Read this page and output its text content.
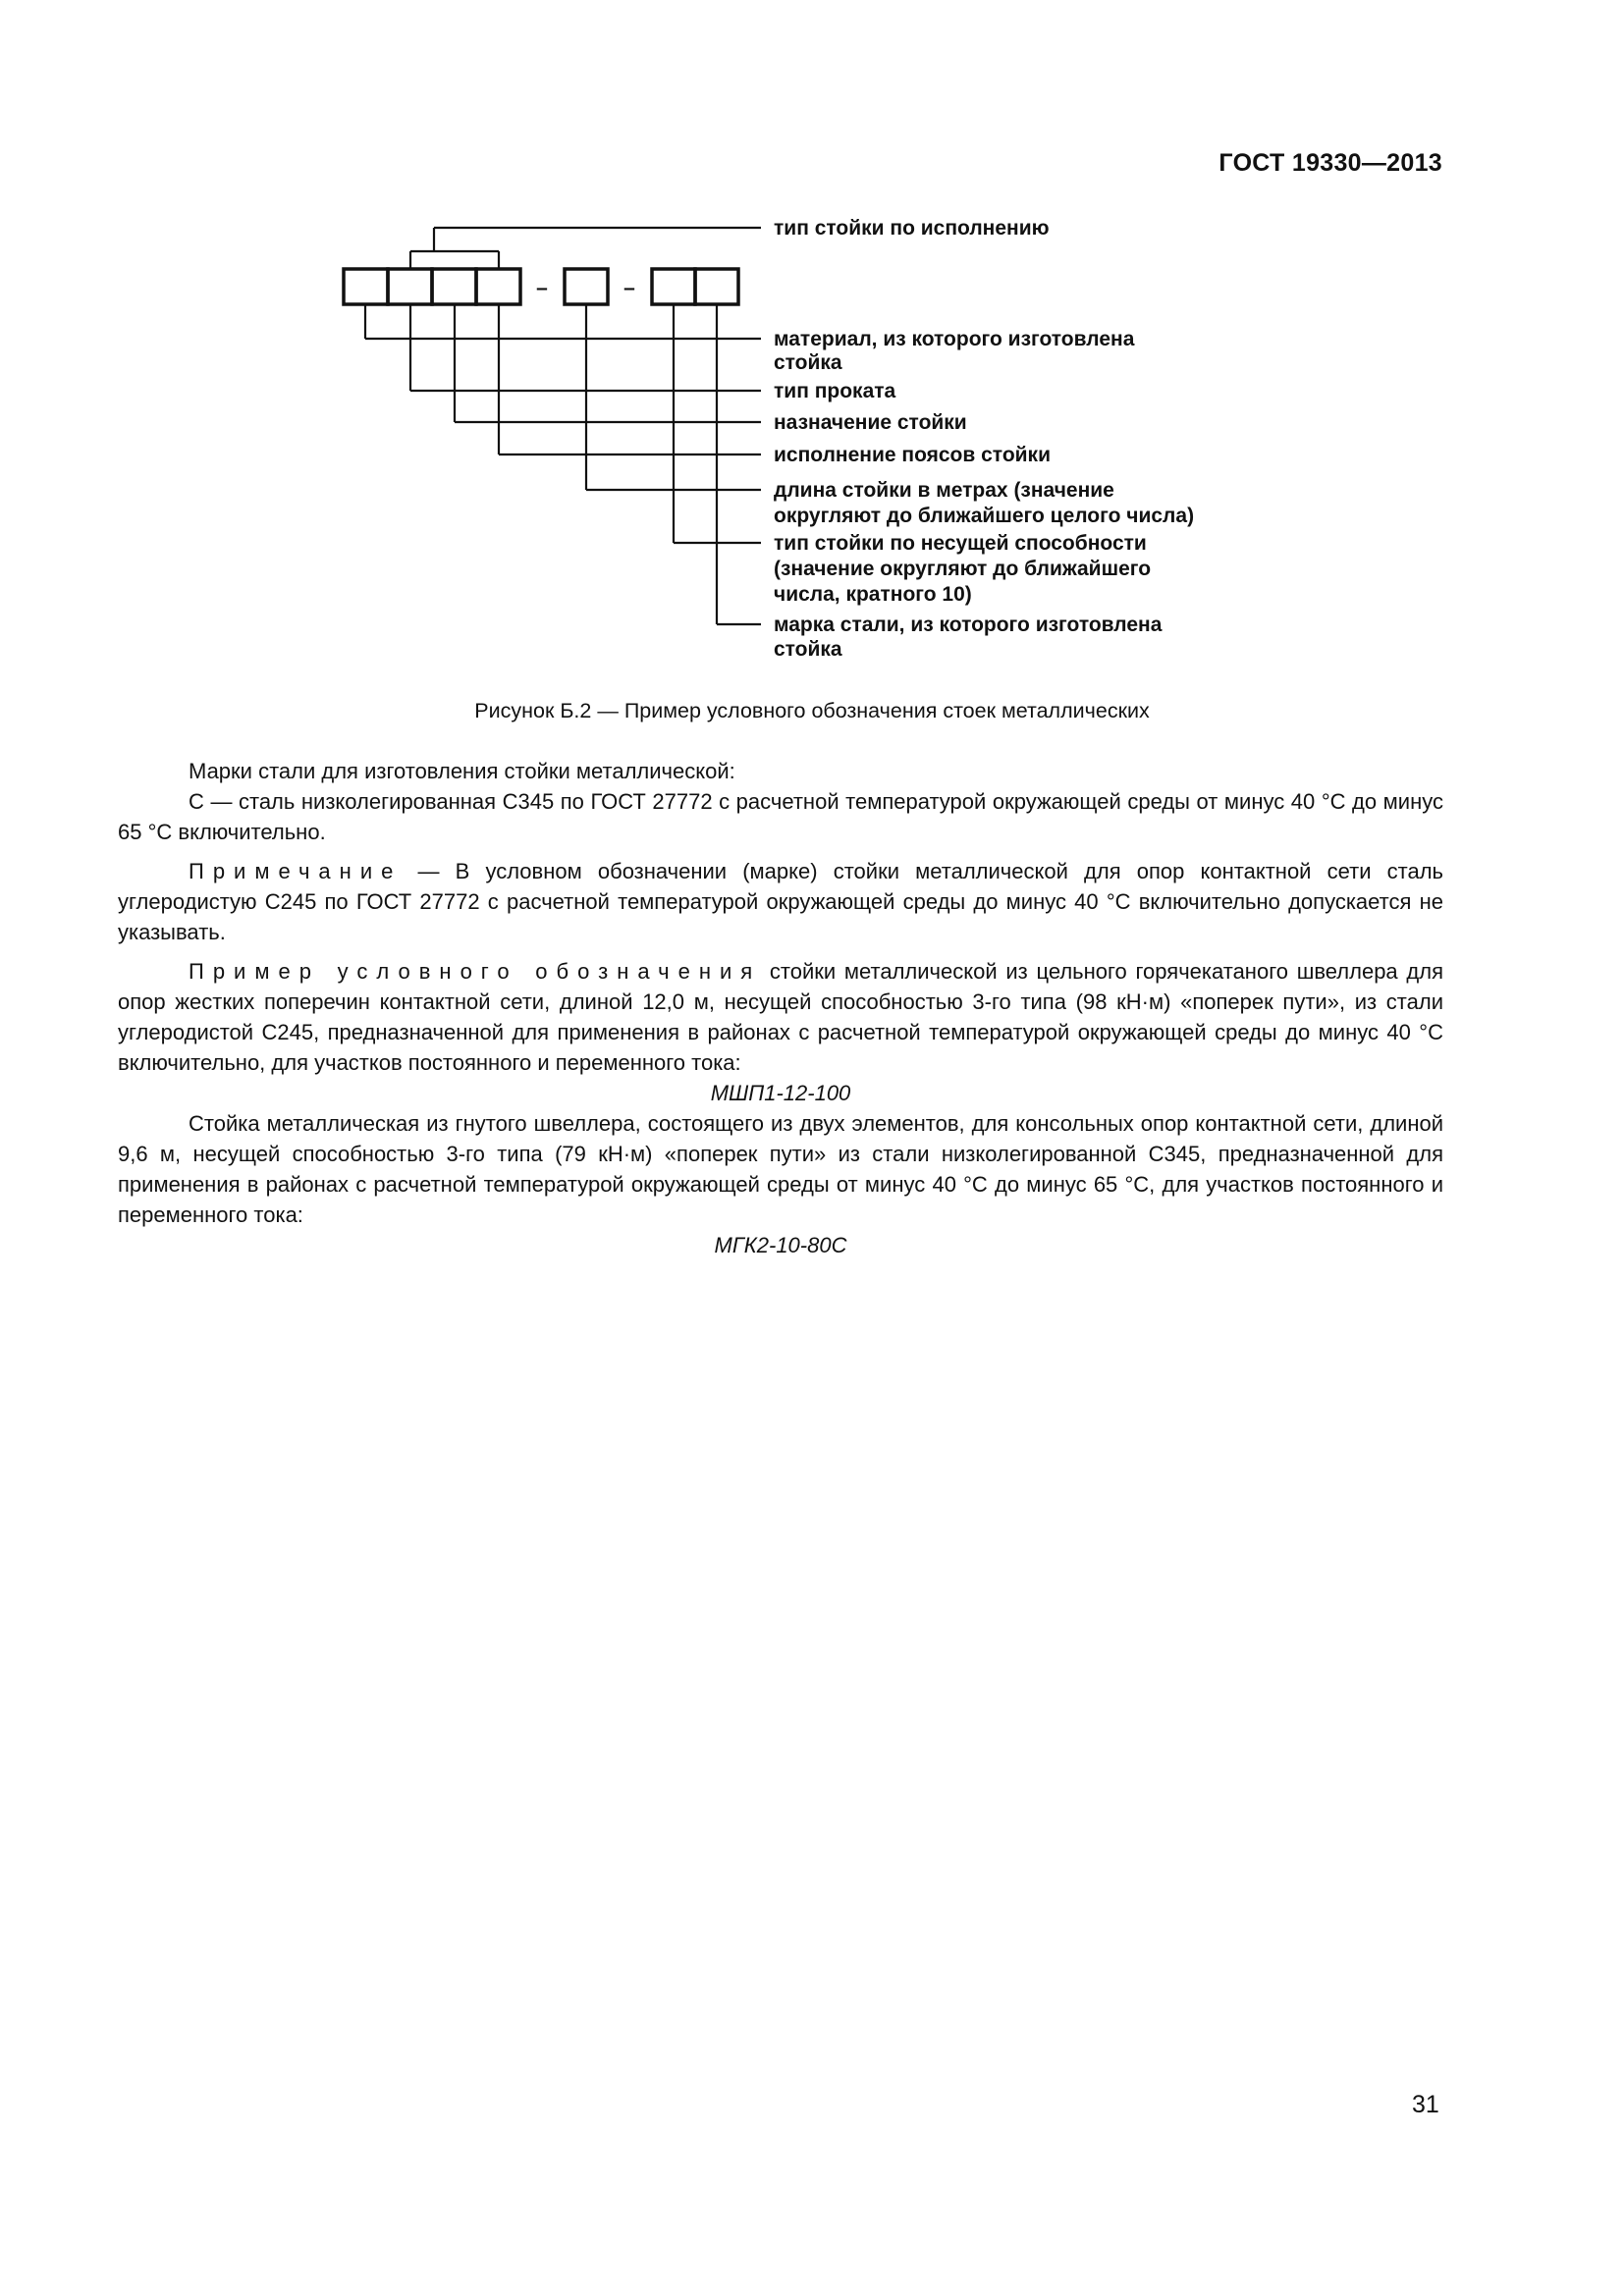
ГОСТ 19330—2013
–	–
тип стойки по исполнению
материал, из которого изготовлена стойка
тип проката
назначение стойки
исполнение поясов стойки
длина стойки в метрах (значение округляют до ближайшего целого числа)
тип стойки по несущей способности (значение округляют до ближайшего числа, кратного 10)
марка стали, из которого изготовлена стойка
Рисунок Б.2 — Пример условного обозначения стоек металлических

Марки стали для изготовления стойки металлической:

С — сталь низколегированная С345 по ГОСТ 27772 с расчетной температурой окружающей среды от минус 40 °С до минус 65 °С включительно.

Примечание — В условном обозначении (марке) стойки металлической для опор контактной сети сталь углеродистую С245 по ГОСТ 27772 с расчетной температурой окружающей среды до минус 40 °С включительно допускается не указывать.

Пример условного обозначения стойки металлической из цельного горячекатаного швеллера для опор жестких поперечин контактной сети, длиной 12,0 м, несущей способностью 3-го типа (98 кН·м) «поперек пути», из стали углеродистой С245, предназначенной для применения в районах с расчетной температурой окружающей среды до минус 40 °С включительно, для участков постоянного и переменного тока:

МШП1-12-100

Стойка металлическая из гнутого швеллера, состоящего из двух элементов, для консольных опор контактной сети, длиной 9,6 м, несущей способностью 3-го типа (79 кН·м) «поперек пути» из стали низколегированной С345, предназначенной для применения в районах с расчетной температурой окружающей среды от минус 40 °С до минус 65 °С, для участков постоянного и переменного тока:

МГК2-10-80С

31
